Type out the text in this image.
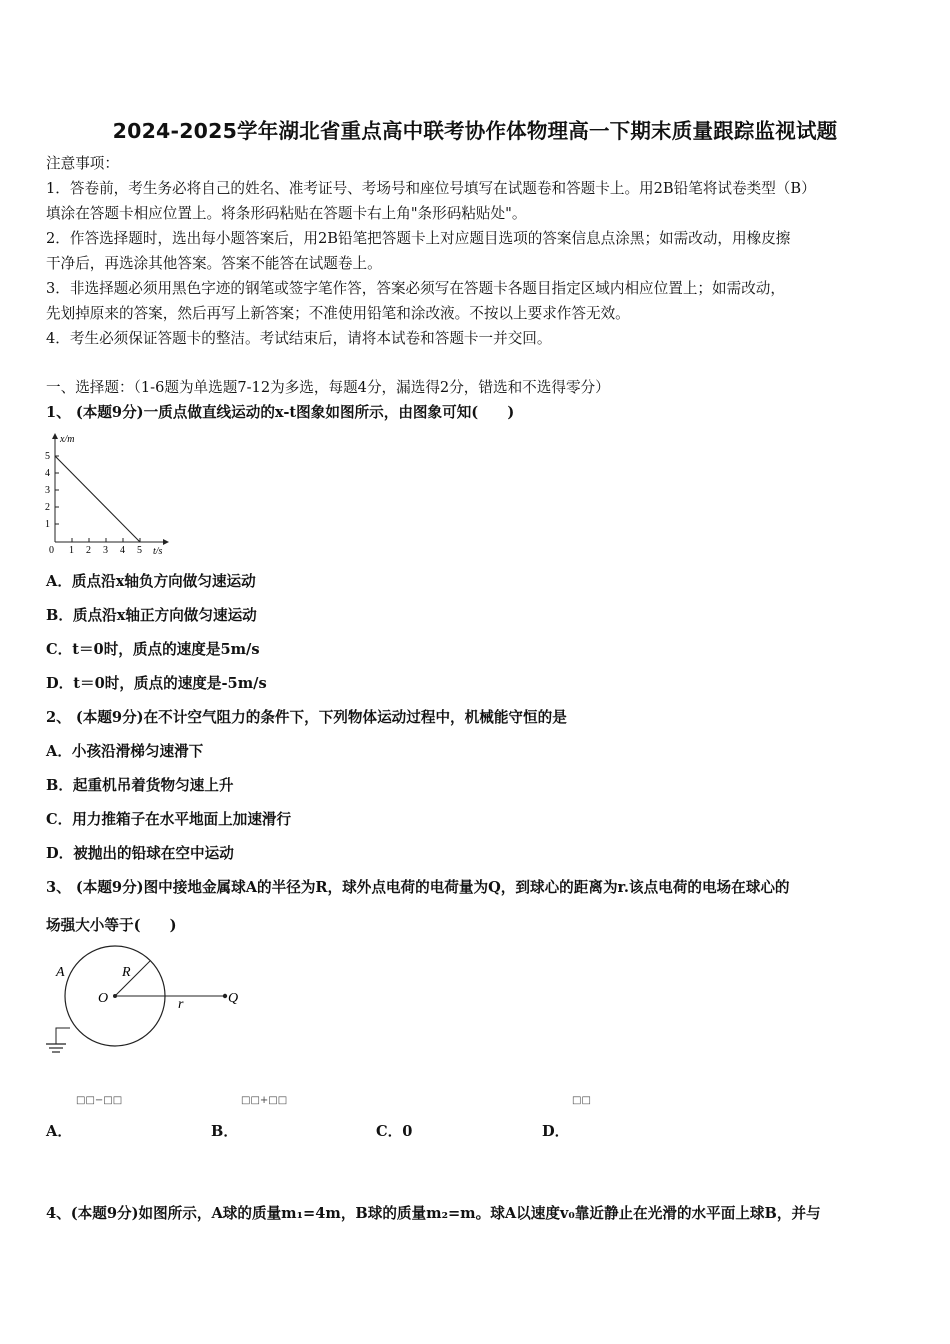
2024-2025学年湖北省重点高中联考协作体物理高一下期末质量跟踪监视试题
注意事项：
1．答卷前，考生务必将自己的姓名、准考证号、考场号和座位号填写在试题卷和答题卡上。用2B铅笔将试卷类型（B）
填涂在答题卡相应位置上。将条形码粘贴在答题卡右上角"条形码粘贴处"。
2．作答选择题时，选出每小题答案后，用2B铅笔把答题卡上对应题目选项的答案信息点涂黑；如需改动，用橡皮擦
干净后，再选涂其他答案。答案不能答在试题卷上。
3．非选择题必须用黑色字迹的钢笔或签字笔作答，答案必须写在答题卡各题目指定区域内相应位置上；如需改动，
先划掉原来的答案，然后再写上新答案；不准使用铅笔和涂改液。不按以上要求作答无效。
4．考生必须保证答题卡的整洁。考试结束后，请将本试卷和答题卡一并交回。
一、选择题：（1-6题为单选题7-12为多选，每题4分，漏选得2分，错选和不选得零分）
1、 (本题9分)一质点做直线运动的x-t图象如图所示，由图象可知(　　)
x/m
t/s
0
1
2
3
4
5
1 2 3 4 5
A．质点沿x轴负方向做匀速运动
B．质点沿x轴正方向做匀速运动
C．t＝0时，质点的速度是5m/s
D．t＝0时，质点的速度是-5m/s
2、 (本题9分)在不计空气阻力的条件下，下列物体运动过程中，机械能守恒的是
A．小孩沿滑梯匀速滑下
B．起重机吊着货物匀速上升
C．用力推箱子在水平地面上加速滑行
D．被抛出的铅球在空中运动
3、 (本题9分)图中接地金属球A的半径为R，球外点电荷的电荷量为Q，到球心的距离为r.该点电荷的电场在球心的
场强大小等于(　　)
A	R
O	r	Q
□□−□□	□□+□□	□□
A．	B．	C．0	D．
4、(本题9分)如图所示，A球的质量m₁=4m，B球的质量m₂=m。球A以速度v₀靠近静止在光滑的水平面上球B，并与
